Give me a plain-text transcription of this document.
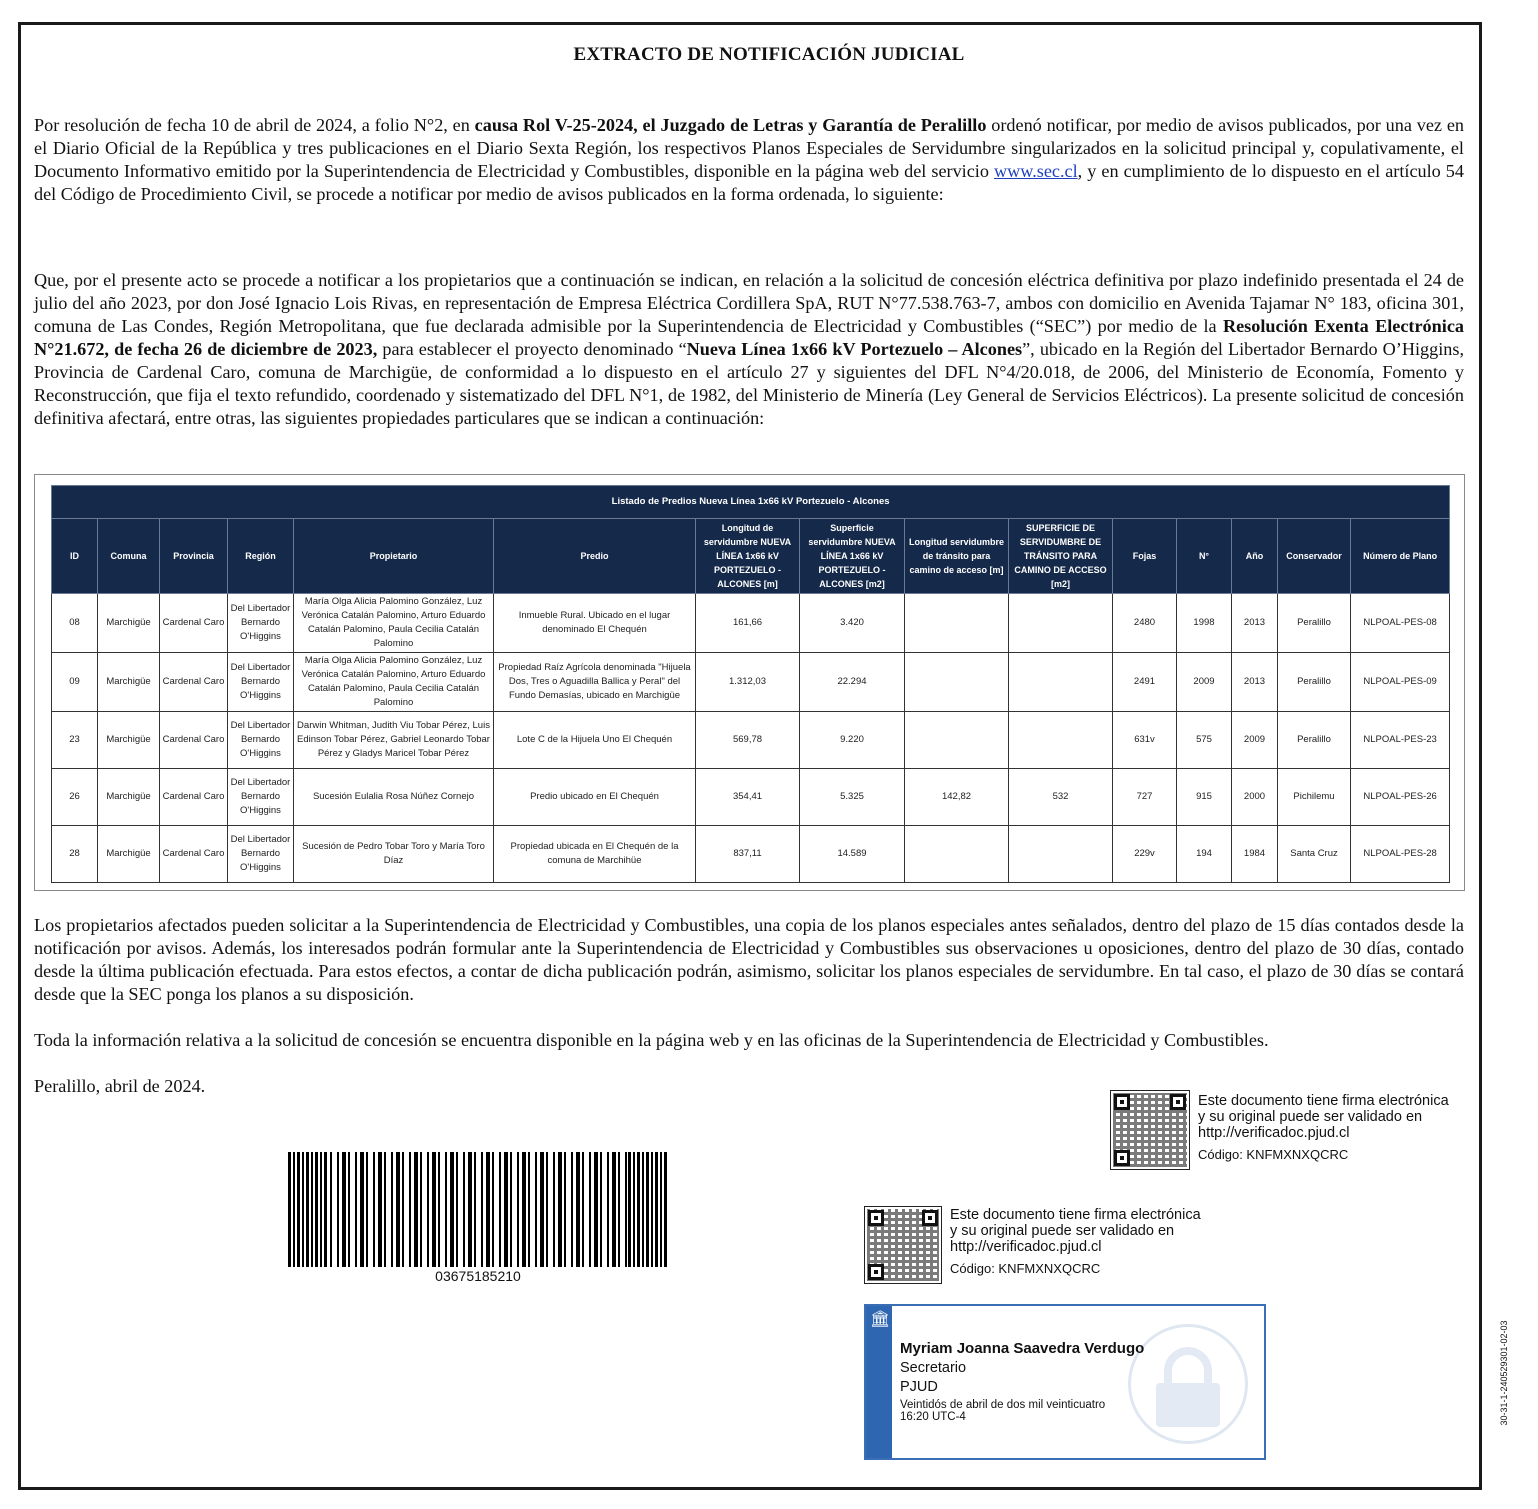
EXTRACTO DE NOTIFICACIÓN JUDICIAL

Por resolución de fecha 10 de abril de 2024, a folio N°2, en causa Rol V-25-2024, el Juzgado de Letras y Garantía de Peralillo ordenó notificar, por medio de avisos publicados, por una vez en el Diario Oficial de la República y tres publicaciones en el Diario Sexta Región, los respectivos Planos Especiales de Servidumbre singularizados en la solicitud principal y, copulativamente, el Documento Informativo emitido por la Superintendencia de Electricidad y Combustibles, disponible en la página web del servicio www.sec.cl, y en cumplimiento de lo dispuesto en el artículo 54 del Código de Procedimiento Civil, se procede a notificar por medio de avisos publicados en la forma ordenada, lo siguiente:

Que, por el presente acto se procede a notificar a los propietarios que a continuación se indican, en relación a la solicitud de concesión eléctrica definitiva por plazo indefinido presentada el 24 de julio del año 2023, por don José Ignacio Lois Rivas, en representación de Empresa Eléctrica Cordillera SpA, RUT N°77.538.763-7, ambos con domicilio en Avenida Tajamar N° 183, oficina 301, comuna de Las Condes, Región Metropolitana, que fue declarada admisible por la Superintendencia de Electricidad y Combustibles (“SEC”) por medio de la Resolución Exenta Electrónica N°21.672, de fecha 26 de diciembre de 2023, para establecer el proyecto denominado “Nueva Línea 1x66 kV Portezuelo – Alcones”, ubicado en la Región del Libertador Bernardo O’Higgins, Provincia de Cardenal Caro, comuna de Marchigüe, de conformidad a lo dispuesto en el artículo 27 y siguientes del DFL N°4/20.018, de 2006, del Ministerio de Economía, Fomento y Reconstrucción, que fija el texto refundido, coordenado y sistematizado del DFL N°1, de 1982, del Ministerio de Minería (Ley General de Servicios Eléctricos). La presente solicitud de concesión definitiva afectará, entre otras, las siguientes propiedades particulares que se indican a continuación:

Listado de Predios Nueva Línea 1x66 kV Portezuelo - Alcones														
ID	Comuna	Provincia	Región	Propietario	Predio	Longitud de servidumbre NUEVA LÍNEA 1x66 kV PORTEZUELO - ALCONES [m]	Superficie servidumbre NUEVA LÍNEA 1x66 kV PORTEZUELO - ALCONES [m2]	Longitud servidumbre de tránsito para camino de acceso [m]	SUPERFICIE DE SERVIDUMBRE DE TRÁNSITO PARA CAMINO DE ACCESO [m2]	Fojas	N°	Año	Conservador	Número de Plano
08	Marchigüe	Cardenal Caro	Del Libertador Bernardo O'Higgins	María Olga Alicia Palomino González, Luz Verónica Catalán Palomino, Arturo Eduardo Catalán Palomino, Paula Cecilia Catalán Palomino	Inmueble Rural. Ubicado en el lugar denominado El Chequén	161,66	3.420			2480	1998	2013	Peralillo	NLPOAL-PES-08
09	Marchigüe	Cardenal Caro	Del Libertador Bernardo O'Higgins	María Olga Alicia Palomino González, Luz Verónica Catalán Palomino, Arturo Eduardo Catalán Palomino, Paula Cecilia Catalán Palomino	Propiedad Raíz Agrícola denominada "Hijuela Dos, Tres o Aguadilla Ballica y Peral" del Fundo Demasías, ubicado en Marchigüe	1.312,03	22.294			2491	2009	2013	Peralillo	NLPOAL-PES-09
23	Marchigüe	Cardenal Caro	Del Libertador Bernardo O'Higgins	Darwin Whitman, Judith Viu Tobar Pérez, Luis Edinson Tobar Pérez, Gabriel Leonardo Tobar Pérez y Gladys Maricel Tobar Pérez	Lote C de la Hijuela Uno El Chequén	569,78	9.220			631v	575	2009	Peralillo	NLPOAL-PES-23
26	Marchigüe	Cardenal Caro	Del Libertador Bernardo O'Higgins	Sucesión Eulalia Rosa Núñez Cornejo	Predio ubicado en El Chequén	354,41	5.325	142,82	532	727	915	2000	Pichilemu	NLPOAL-PES-26
28	Marchigüe	Cardenal Caro	Del Libertador Bernardo O'Higgins	Sucesión de Pedro Tobar Toro y María Toro Díaz	Propiedad ubicada en El Chequén de la comuna de Marchihüe	837,11	14.589			229v	194	1984	Santa Cruz	NLPOAL-PES-28

Los propietarios afectados pueden solicitar a la Superintendencia de Electricidad y Combustibles, una copia de los planos especiales antes señalados, dentro del plazo de 15 días contados desde la notificación por avisos. Además, los interesados podrán formular ante la Superintendencia de Electricidad y Combustibles sus observaciones u oposiciones, dentro del plazo de 30 días, contado desde la última publicación efectuada. Para estos efectos, a contar de dicha publicación podrán, asimismo, solicitar los planos especiales de servidumbre. En tal caso, el plazo de 30 días se contará desde que la SEC ponga los planos a su disposición.

Toda la información relativa a la solicitud de concesión se encuentra disponible en la página web y en las oficinas de la Superintendencia de Electricidad y Combustibles.

Peralillo, abril de 2024.

Este documento tiene firma electrónica
y su original puede ser validado en
http://verificadoc.pjud.cl
Código: KNFMXNXQCRC
Este documento tiene firma electrónica
y su original puede ser validado en
http://verificadoc.pjud.cl
Código: KNFMXNXQCRC
03675185210
🏛
Myriam Joanna Saavedra Verdugo
Secretario
PJUD
Veintidós de abril de dos mil veinticuatro
16:20 UTC-4	30-31-1-240529301-02-03
